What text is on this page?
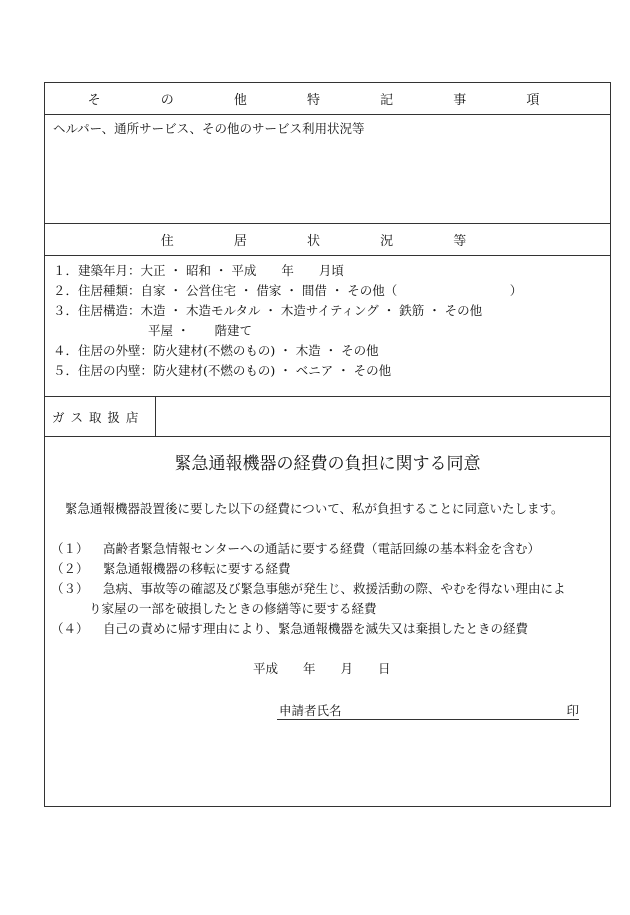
そ の 他 特 記 事 項
ヘルパー、通所サービス、その他のサービス利用状況等
住 居 状 況 等
１．建築年月：大正 ・ 昭和 ・ 平成　　年　　月頃
２．住居種類：自家 ・ 公営住宅 ・ 借家 ・ 間借 ・ その他（　　　　　　　　　）
３．住居構造：木造 ・ 木造モルタル ・ 木造サイティング ・ 鉄筋 ・ その他
平屋 ・　　階建て
４．住居の外壁：防火建材(不燃のもの) ・ 木造 ・ その他
５．住居の内壁：防火建材(不燃のもの) ・ ベニア ・ その他
ガ ス 取 扱 店
緊急通報機器の経費の負担に関する同意
緊急通報機器設置後に要した以下の経費について、私が負担することに同意いたします。
（１） 高齢者緊急情報センターへの通話に要する経費（電話回線の基本料金を含む）
（２） 緊急通報機器の移転に要する経費
（３） 急病、事故等の確認及び緊急事態が発生じ、救援活動の際、やむを得ない理由によ
り家屋の一部を破損したときの修繕等に要する経費
（４） 自己の責めに帰す理由により、緊急通報機器を滅失又は棄損したときの経費
平成　　年　　月　　日
申請者氏名	印
